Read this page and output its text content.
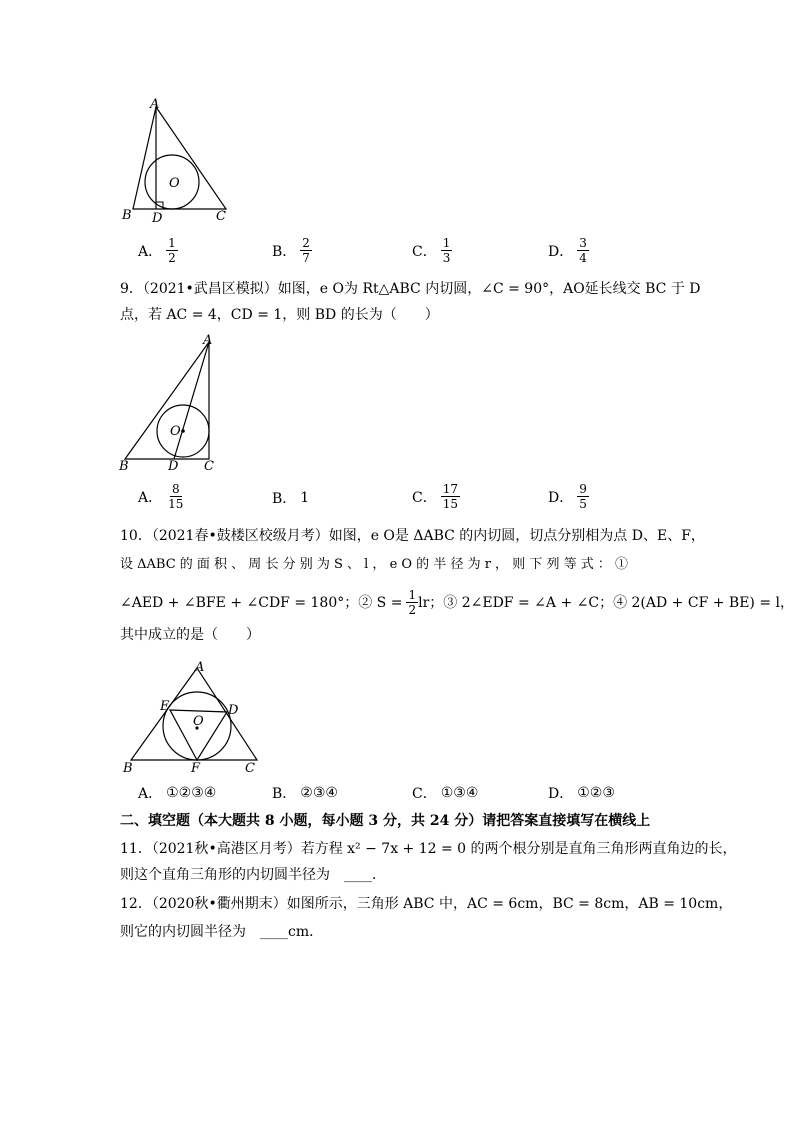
A
B D	C
O
A． $\frac{1}{2}$	B． $\frac{2}{7}$	C． $\frac{1}{3}$	D． $\frac{3}{4}$
9．（2021•武昌区模拟）如图，e O为 Rt△ABC 内切圆，∠C = 90°，AO延长线交 BC 于 D
点，若 AC = 4，CD = 1，则 BD 的长为（　　）
A
O
B	D C
A． $\frac{8}{15}$	B． 1	C． $\frac{17}{15}$	D． $\frac{9}{5}$
10．（2021春•鼓楼区校级月考）如图，e O是 ΔABC 的内切圆，切点分别相为点 D、E、F，
设 ΔABC 的 面 积 、 周 长 分 别 为 S 、 l ， e O 的 半 径 为 r ， 则 下 列 等 式 ： ①
∠AED + ∠BFE + ∠CDF = 180°；② $S = \frac{1}{2}$ lr；③ 2∠EDF = ∠A + ∠C；④ 2(AD + CF + BE) = l，
其中成立的是（　　）
A
E	D
O
B	F	C
A． ①②③④	B． ②③④	C． ①③④	D． ①②③
二、填空题（本大题共 8 小题，每小题 3 分，共 24 分）请把答案直接填写在横线上
11．（2021秋•高港区月考）若方程 x² − 7x + 12 = 0 的两个根分别是直角三角形两直角边的长，
则这个直角三角形的内切圆半径为　____．
12．（2020秋•衢州期末）如图所示，三角形 ABC 中，AC = 6cm，BC = 8cm，AB = 10cm，
则它的内切圆半径为　____cm．
